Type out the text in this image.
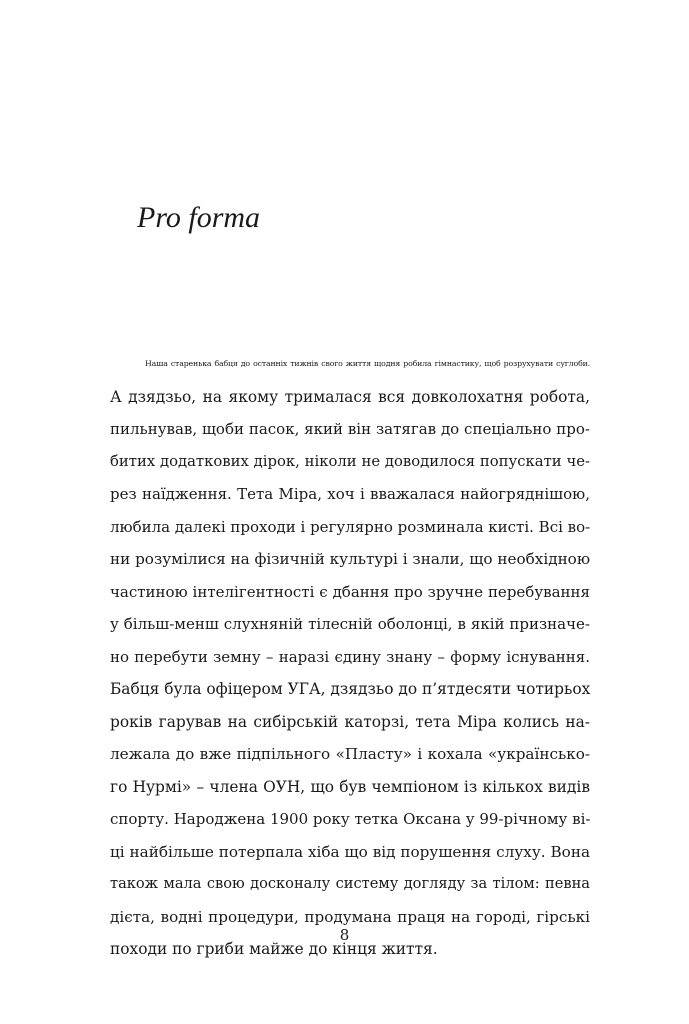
Pro forma
Наша старенька бабця до останніх тижнів свого життя щодня робила гімнастику, щоб розрухувати суглоби.
А дзядзьо, на якому трималася вся довколохатня робота,
пильнував, щоби пасок, який він затягав до спеціально про-
битих додаткових дірок, ніколи не доводилося попускати че-
рез наїдження. Тета Міра, хоч і вважалася найогряднішою,
любила далекі проходи і регулярно розминала кисті. Всі во-
ни розумілися на фізичній культурі і знали, що необхідною
частиною інтелігентності є дбання про зручне перебування
у більш-менш слухняній тілесній оболонці, в якій призначе-
но перебути земну – наразі єдину знану – форму існування.
Бабця була офіцером УГА, дзядзьо до п’ятдесяти чотирьох
років гарував на сибірській каторзі, тета Міра колись на-
лежала до вже підпільного «Пласту» і кохала «українсько-
го Нурмі» – члена ОУН, що був чемпіоном із кількох видів
спорту. Народжена 1900 року тетка Оксана у 99-річному ві-
ці найбільше потерпала хіба що від порушення слуху. Вона
також мала свою досконалу систему догляду за тілом: певна
дієта, водні процедури, продумана праця на городі, гірські
походи по гриби майже до кінця життя.
8
